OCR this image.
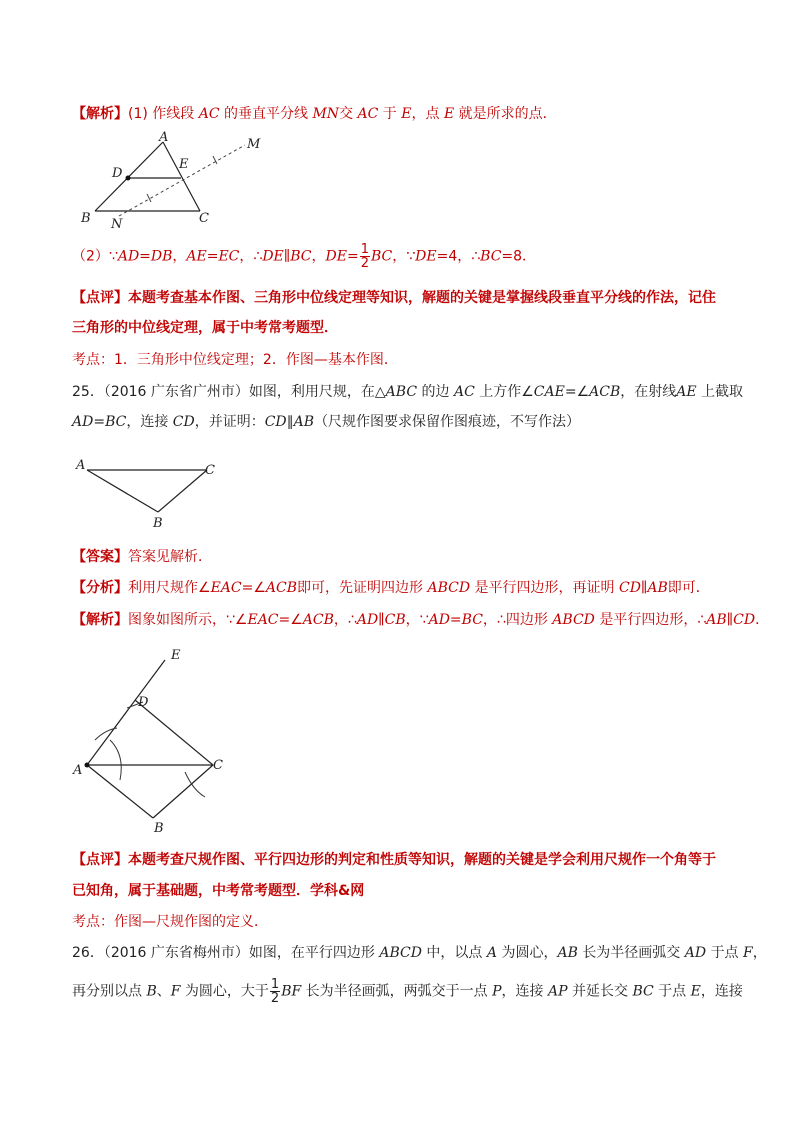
【解析】(1) 作线段 AC 的垂直平分线 MN交 AC 于 E，点 E 就是所求的点．
A
D
E
M
B N	C
（2）∵AD=DB，AE=EC，∴DE∥BC，$DE= \frac{1}{2}$ BC，∵DE=4，∴BC=8．
【点评】本题考查基本作图、三角形中位线定理等知识，解题的关键是掌握线段垂直平分线的作法，记住
三角形的中位线定理，属于中考常考题型．
考点：1．三角形中位线定理；2．作图—基本作图．
25．（2016 广东省广州市）如图，利用尺规，在△ABC 的边 AC 上方作∠CAE=∠ACB，在射线AE 上截取
AD=BC，连接 CD，并证明：CD∥AB（尺规作图要求保留作图痕迹，不写作法）
A	C
B
【答案】答案见解析．
【分析】利用尺规作∠EAC=∠ACB即可，先证明四边形 ABCD 是平行四边形，再证明 CD∥AB即可．
【解析】图象如图所示，∵∠EAC=∠ACB，∴AD∥CB，∵AD=BC，∴四边形 ABCD 是平行四边形，∴AB∥CD．
E
D
A	C
B
【点评】本题考查尺规作图、平行四边形的判定和性质等知识，解题的关键是学会利用尺规作一个角等于
已知角，属于基础题，中考常考题型．学科&网
考点：作图—尺规作图的定义．
26．（2016 广东省梅州市）如图，在平行四边形 ABCD 中，以点 A 为圆心，AB 长为半径画弧交 AD 于点 F，
再分别以点 B、F 为圆心，大于 $\frac{1}{2}$ BF 长为半径画弧，两弧交于一点 P，连接 AP 并延长交 BC 于点 E，连接
